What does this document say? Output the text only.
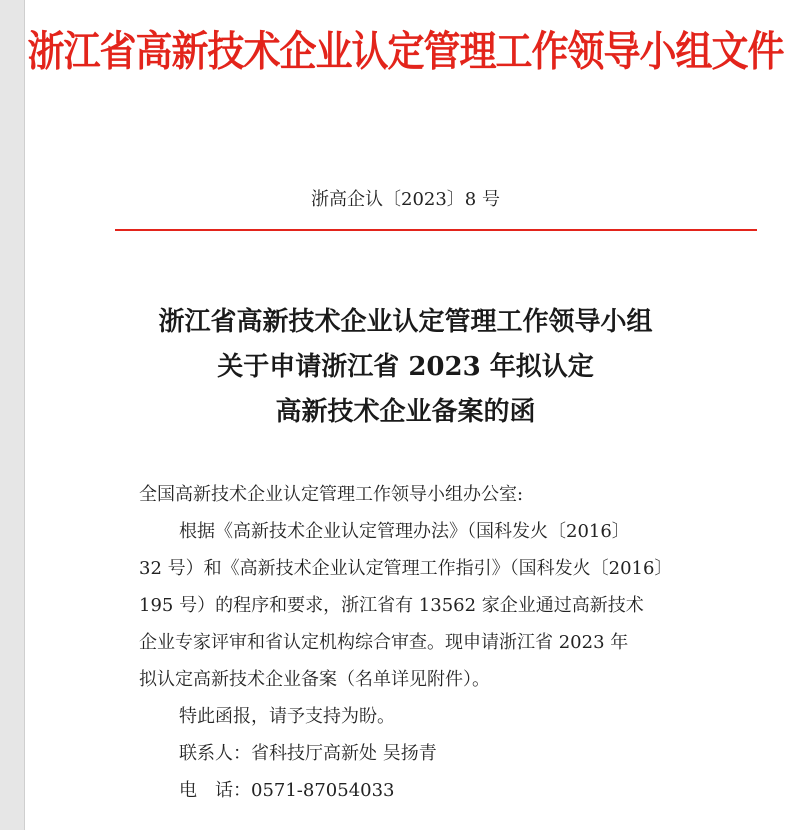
浙江省高新技术企业认定管理工作领导小组文件
浙高企认〔2023〕8 号
浙江省高新技术企业认定管理工作领导小组
关于申请浙江省 2023 年拟认定
高新技术企业备案的函
全国高新技术企业认定管理工作领导小组办公室:
根据《高新技术企业认定管理办法》（国科发火〔2016〕
32 号）和《高新技术企业认定管理工作指引》（国科发火〔2016〕
195 号）的程序和要求，浙江省有 13562 家企业通过高新技术
企业专家评审和省认定机构综合审查。现申请浙江省 2023 年
拟认定高新技术企业备案（名单详见附件）。
特此函报，请予支持为盼。
联系人：省科技厅高新处 吴扬青
电　话：0571-87054033
